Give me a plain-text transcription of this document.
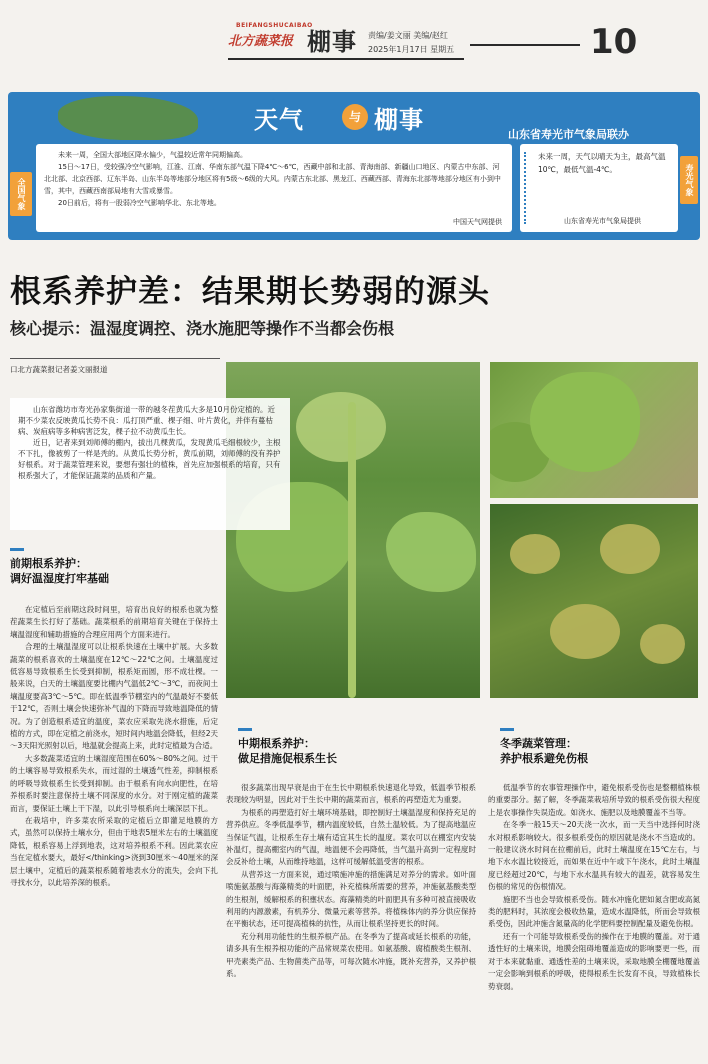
BEIFANGSHUCAIBAO
北方蔬菜报 棚事 责编/姜文丽 美编/赵红
2025年1月17日 星期五	10
天气	与 棚事
山东省寿光市气象局联办
全国气象	寿光气象

未来一周，全国大部地区降水偏少，气温较近常年同期偏高。

15日～17日，受较强冷空气影响，江淮、江南、华南东部气温下降4℃～6℃，西藏中部和北部、青海南部、新疆山口地区、内蒙古中东部、河北北部、北京西部、辽东半岛、山东半岛等地部分地区将有5级～6级的大风。内蒙古东北部、黑龙江、西藏西部、青海东北部等地部分地区有小到中雪，其中，西藏西南部局地有大雪或暴雪。

20日前后，将有一股弱冷空气影响华北、东北等地。

中国天气网提供

未来一周，天气以晴天为主，最高气温10℃，最低气温-4℃。

山东省寿光市气象局提供
根系养护差：结果期长势弱的源头
核心提示：温湿度调控、浇水施肥等操作不当都会伤根
口北方蔬菜报记者姜文丽报道

山东省潍坊市寿光孙家集街道一带的越冬茬黄瓜大多是10月份定植的。近期不少菜农反映黄瓜长势不良：瓜打顶严重、棵子细、叶片黄化，并伴有蔓枯病、炭疽病等多种病害泛发，棵子拉不动黄瓜生长。

近日，记者来到刘师傅的棚内，拔出几棵黄瓜，发现黄瓜毛细根较少，主根不下扎，像被剪了一样是秃的。从黄瓜长势分析，黄瓜前期，刘师傅的没有养护好根系。对于蔬菜管理来说，要想有强壮的植株，首先应加强根系的培育，只有根系强大了，才能保证蔬菜的品质和产量。

前期根系养护：
调好温湿度打牢基础

在定植后至前期这段时间里，培育出良好的根系也就为整茬蔬菜生长打好了基础。蔬菜根系的前期培育关键在于保持土壤温湿度和辅助措施的合理应用两个方面来进行。

合理的土壤温湿度可以让根系快速在土壤中扩展。大多数蔬菜的根系喜欢的土壤温度在12℃～22℃之间。土壤温度过低容易导致根系生长受到抑制，根系矩而圆，形不成壮棵。一般来说，白天的土壤温度要比棚内气温低2℃～3℃，而夜间土壤温度要高3℃～5℃。即在低温季节棚室内的气温最好不要低于12℃，否则土壤会快速弥补气温的下降而导致地温降低的情况。为了创造根系适宜的温度，菜农应采取先浇水措施，后定植的方式，即在定植之前浇水，短时间内地温会降低，但经2天～3天阳光照射以后，地温就会提高上来，此时定植最为合适。

大多数蔬菜适宜的土壤湿度范围在60%～80%之间。过干的土壤容易导致根系失水，而过湿的土壤透气性差，抑制根系的呼吸导致根系生长受到抑制。由于根系有向水向肥性，在培养根系时要注意保持土壤不同深度的水分。对于刚定植的蔬菜而言，要保证土壤上干下湿，以此引导根系向土壤深层下扎。

在栽培中，许多菜农所采取的定植后立即灌足地膜的方式，虽然可以保持土壤水分，但由于地表5厘米左右的土壤温度降低，根系容易上浮到地表，这对培养根系不利。因此菜农应当在定植水要大，最好</thinking>浇到30厘米～40厘米的深层土壤中，定植后的蔬菜根系随着地表水分的流失，会向下扎寻找水分，以此培养深的根系。

中期根系养护：
做足措施促根系生长

很多蔬菜出现早衰是由于在生长中期根系快速退化导致，低温季节根系表现较为明显，因此对于生长中期的蔬菜而言，根系的再塑造尤为重要。

为根系的再塑造打好土壤环境基础，即控制好土壤温湿度和保持充足的营养供应。冬季低温季节，棚内温度较低，自然土温较低。为了提高地温应当保证气温，让根系生存土壤有适宜其生长的温度。菜农可以在棚室内安装补温灯，提高棚室内的气温，地温便不会再降低，当气温升高到一定程度时会反补给土壤，从而维持地温，这样可缓解低温受害的根系。

从营养这一方面来说，通过喷施冲施的措施满足对养分的需求。如叶面喷施氨基酸与海藻精类的叶面肥，补充植株所需要的营养，冲施氨基酸类型的生根剂，缓解根系的积壅状态。海藻精类的叶面肥具有多种可被直接吸收利用的内源激素，有机养分、微量元素等营养。将植株体内的养分供应保持在平衡状态，还可提高植株的抗性，从而让根系坚持更长的时间。

充分利用功能性的生根养根产品。在冬季为了提高或延长根系的功能，请多具有生根养根功能的产品常规菜农使用。如氨基酸、腐植酸类生根剂、甲壳素类产品、生物菌类产品等，可每次随水冲施，既补充营养，又养护根系。

冬季蔬菜管理：
养护根系避免伤根

低温季节的农事管理操作中，避免根系受伤也是整棚植株根的重要部分。据了解，冬季蔬菜栽培所导致的根系受伤很大程度上是农事操作失误造成。如浇水、施肥以及地膜覆盖不当等。

在冬季一般15天～20天浇一次水，而一天当中选择何时浇水对根系影响较大。很多根系受伤的原因就是浇水不当造成的。一般建议浇水时间在拉棚前后，此时土壤温度在15℃左右，与地下水水温比较接近，而如果在近中午或下午浇水，此时土壤温度已经超过20℃，与地下水水温具有较大的温差，就容易发生伤根的常见的伤根情况。

施肥不当也会导致根系受伤。随水冲施化肥如氮含肥或高氮类的肥料时，其浓度会极收热量，造成水温降低，所而会导致根系受伤，因此冲施含氮量高的化学肥料要控制配量及避免伤根。

还有一个可能导致根系受伤的操作在于地膜的覆盖。对于通透性好的土壤来说，地膜会阻碍地覆盖造成的影响要更一些，而对于本来就黏重、通透性差的土壤来说，采取地膜全棚覆地覆盖一定会影响到根系的呼吸，使得根系生长发育不良，导致植株长势衰弱。
